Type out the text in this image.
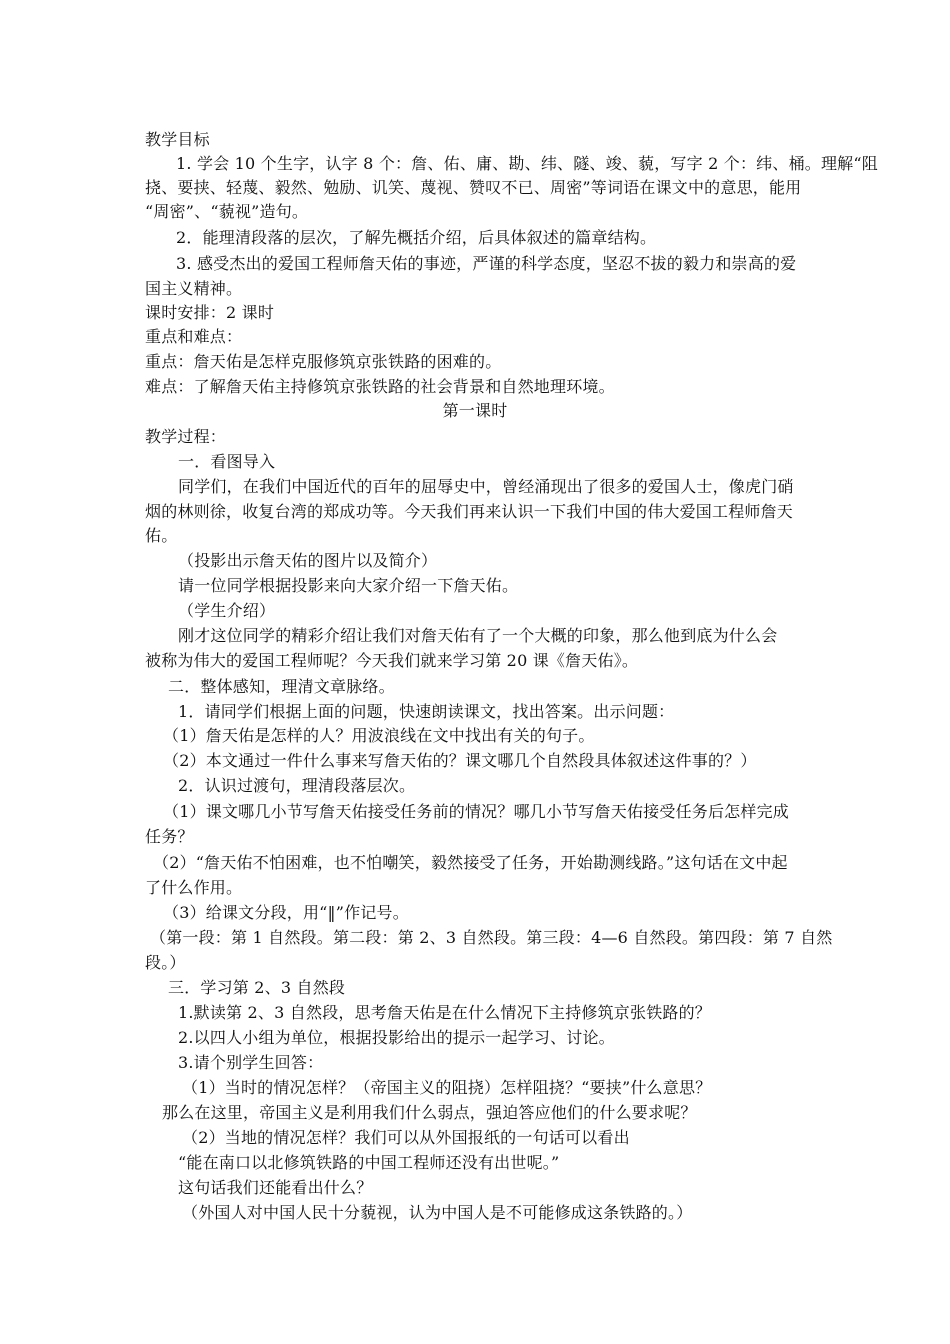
教学目标
1. 学会 10 个生字，认字 8 个：詹、佑、庸、勘、纬、隧、竣、藐，写字 2 个：纬、桶。理解“阻
挠、要挟、轻蔑、毅然、勉励、讥笑、蔑视、赞叹不已、周密”等词语在课文中的意思，能用
“周密”、“藐视”造句。
2．能理清段落的层次，了解先概括介绍，后具体叙述的篇章结构。
3. 感受杰出的爱国工程师詹天佑的事迹，严谨的科学态度，坚忍不拔的毅力和崇高的爱
国主义精神。
课时安排：2 课时
重点和难点：
重点：詹天佑是怎样克服修筑京张铁路的困难的。
难点：了解詹天佑主持修筑京张铁路的社会背景和自然地理环境。
第一课时
教学过程：
一．看图导入
同学们，在我们中国近代的百年的屈辱史中，曾经涌现出了很多的爱国人士，像虎门硝
烟的林则徐，收复台湾的郑成功等。今天我们再来认识一下我们中国的伟大爱国工程师詹天
佑。
（投影出示詹天佑的图片以及简介）
请一位同学根据投影来向大家介绍一下詹天佑。
（学生介绍）
刚才这位同学的精彩介绍让我们对詹天佑有了一个大概的印象，那么他到底为什么会
被称为伟大的爱国工程师呢？今天我们就来学习第 20 课《詹天佑》。
二．整体感知，理清文章脉络。
1．请同学们根据上面的问题，快速朗读课文，找出答案。出示问题：
（1）詹天佑是怎样的人？用波浪线在文中找出有关的句子。
（2）本文通过一件什么事来写詹天佑的？课文哪几个自然段具体叙述这件事的？）
2．认识过渡句，理清段落层次。
（1）课文哪几小节写詹天佑接受任务前的情况？哪几小节写詹天佑接受任务后怎样完成
任务？
（2）“詹天佑不怕困难，也不怕嘲笑，毅然接受了任务，开始勘测线路。”这句话在文中起
了什么作用。
（3）给课文分段，用“‖”作记号。
（第一段：第 1 自然段。第二段：第 2、3 自然段。第三段：4—6 自然段。第四段：第 7 自然
段。）
三．学习第 2、3 自然段
1.默读第 2、3 自然段，思考詹天佑是在什么情况下主持修筑京张铁路的？
2.以四人小组为单位，根据投影给出的提示一起学习、讨论。
3.请个别学生回答：
（1）当时的情况怎样？（帝国主义的阻挠）怎样阻挠？“要挟”什么意思？
那么在这里，帝国主义是利用我们什么弱点，强迫答应他们的什么要求呢？
（2）当地的情况怎样？我们可以从外国报纸的一句话可以看出
“能在南口以北修筑铁路的中国工程师还没有出世呢。”
这句话我们还能看出什么？
（外国人对中国人民十分藐视，认为中国人是不可能修成这条铁路的。）
